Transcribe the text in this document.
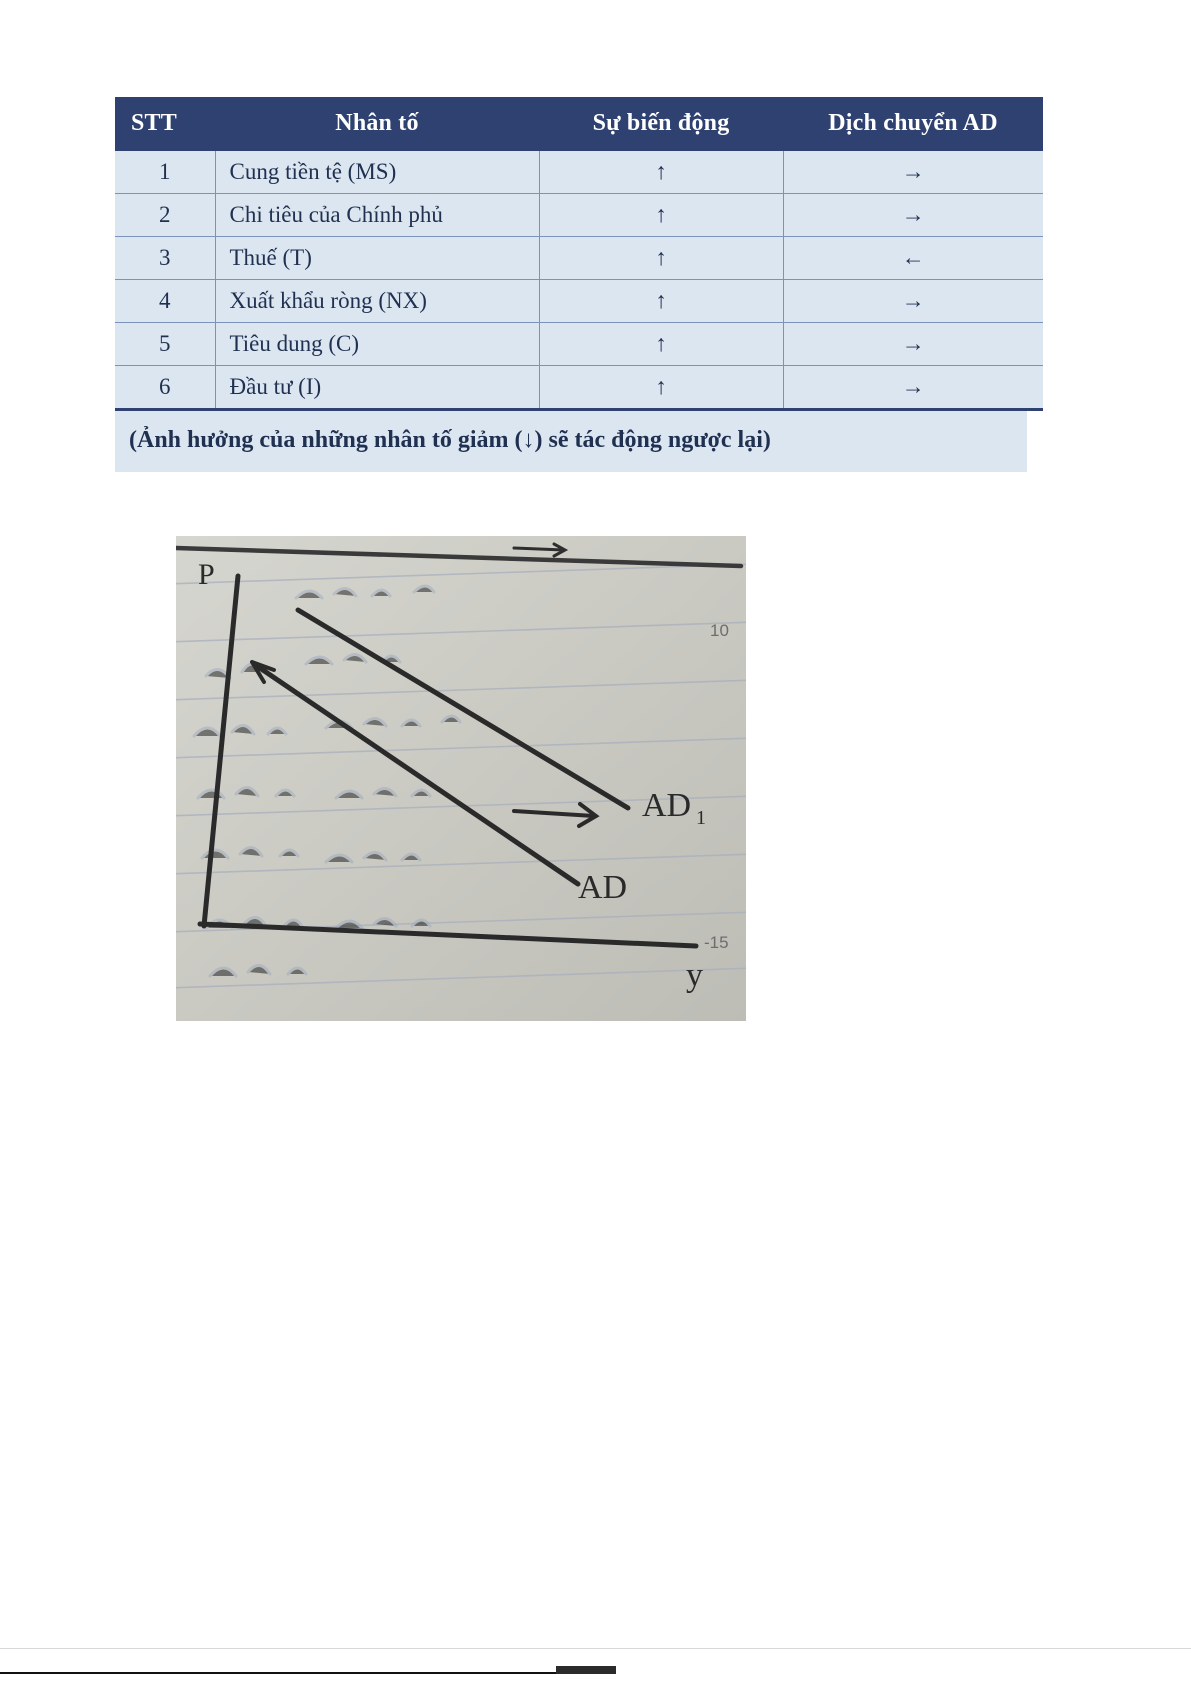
STT	Nhân tố	Sự biến động	Dịch chuyển AD
1	Cung tiền tệ (MS)	↑	→
2	Chi tiêu của Chính phủ	↑	→
3	Thuế (T)	↑	←
4	Xuất khẩu ròng (NX)	↑	→
5	Tiêu dung (C)	↑	→
6	Đầu tư (I)	↑	→
(Ảnh hưởng của những nhân tố giảm (↓) sẽ tác động ngược lại)
P
y
AD 1
AD
10
-15
